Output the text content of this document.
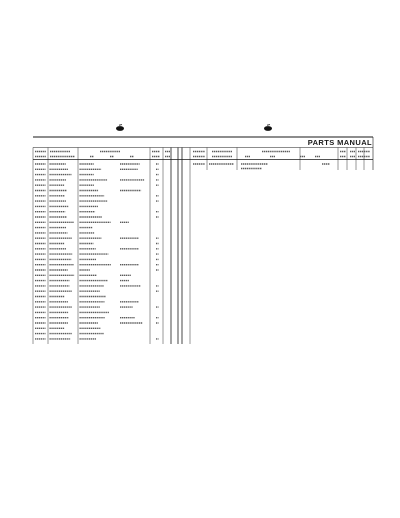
PARTS MANUAL
